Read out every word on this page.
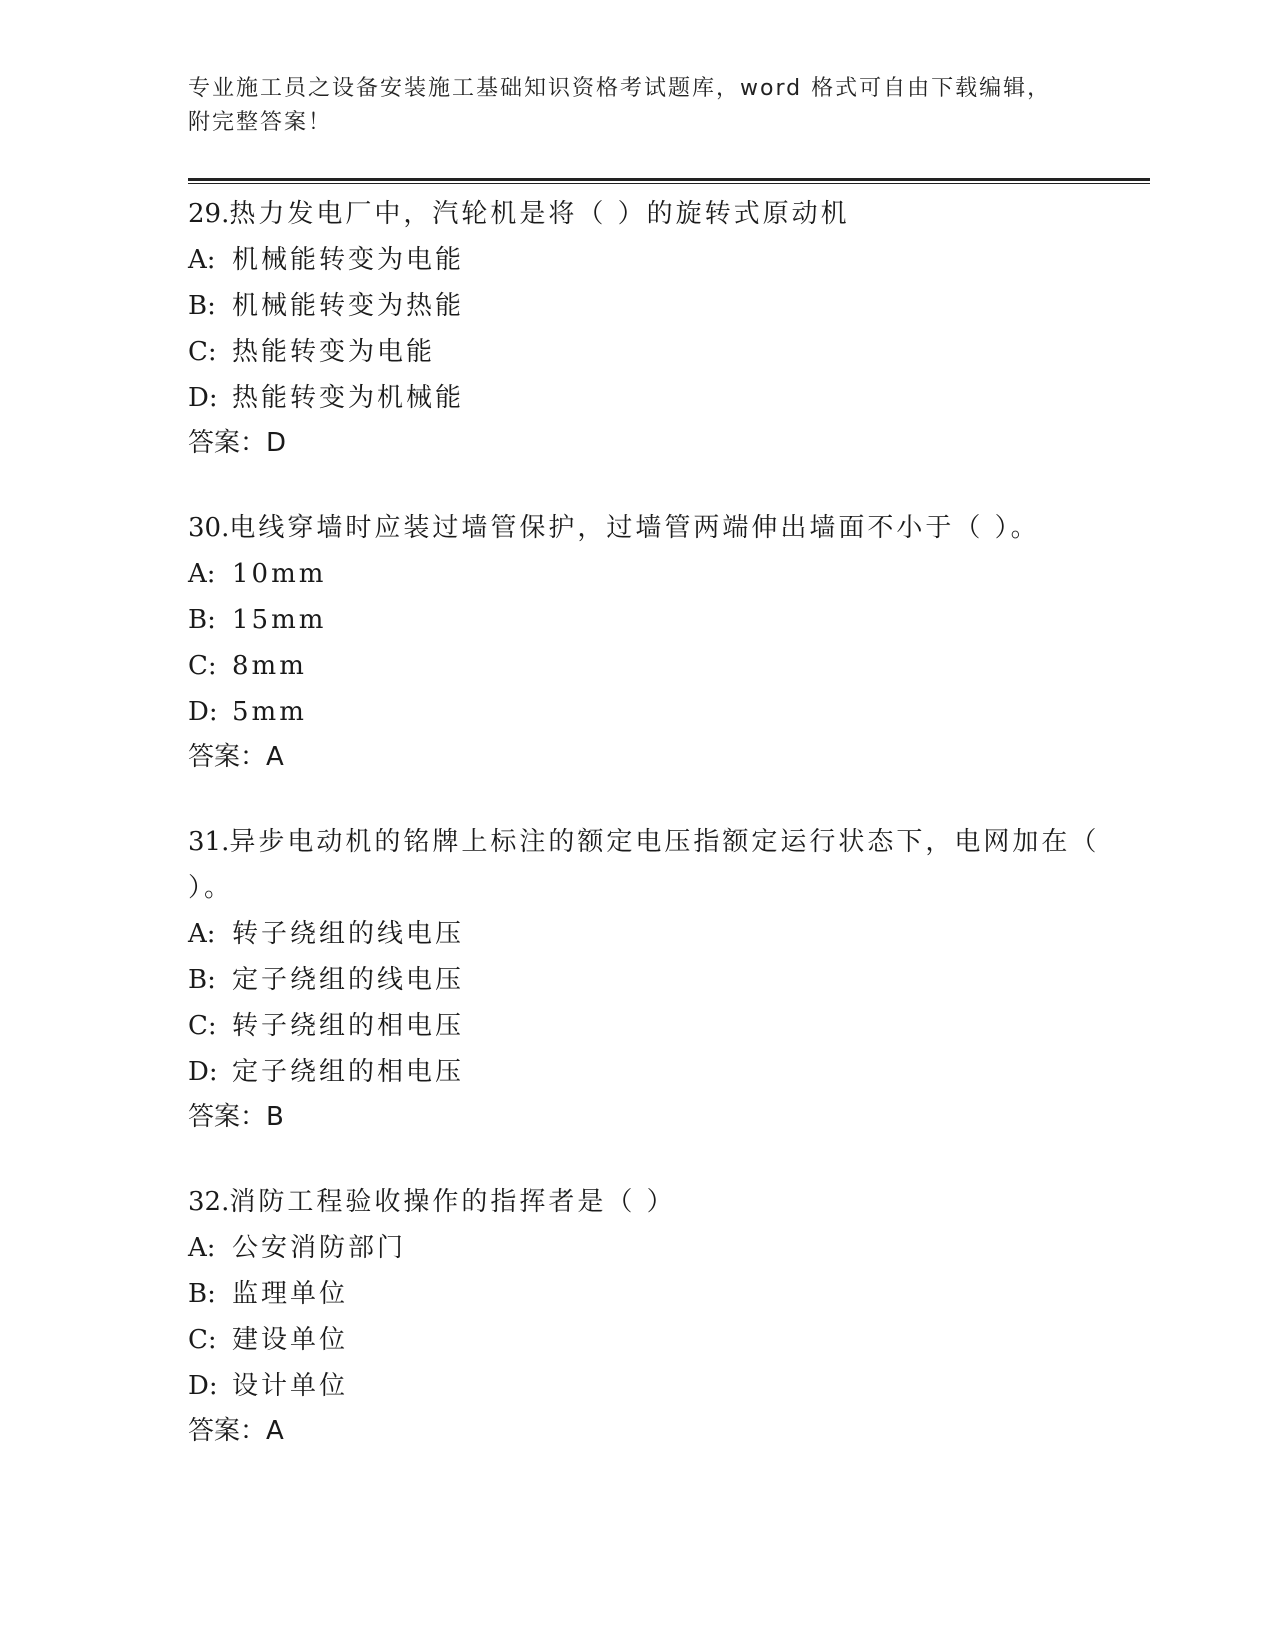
专业施工员之设备安装施工基础知识资格考试题库，word 格式可自由下载编辑，
附完整答案！

29.热力发电厂中，汽轮机是将（ ）的旋转式原动机

A: 机械能转变为电能

B: 机械能转变为热能

C: 热能转变为电能

D: 热能转变为机械能

答案：D

30.电线穿墙时应装过墙管保护，过墙管两端伸出墙面不小于（ ）。

A: 10mm

B: 15mm

C: 8mm

D: 5mm

答案：A

31.异步电动机的铭牌上标注的额定电压指额定运行状态下，电网加在（ ）。

A: 转子绕组的线电压

B: 定子绕组的线电压

C: 转子绕组的相电压

D: 定子绕组的相电压

答案：B

32.消防工程验收操作的指挥者是（ ）

A: 公安消防部门

B: 监理单位

C: 建设单位

D: 设计单位

答案：A
